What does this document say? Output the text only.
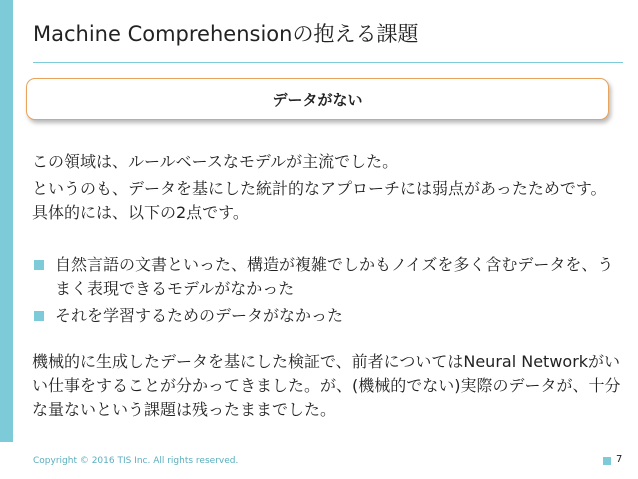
Machine Comprehensionの抱える課題
データがない
この領域は、ルールベースなモデルが主流でした。
というのも、データを基にした統計的なアプローチには弱点があったためです。具体的には、以下の2点です。
自然言語の文書といった、構造が複雑でしかもノイズを多く含むデータを、うまく表現できるモデルがなかった
それを学習するためのデータがなかった
機械的に生成したデータを基にした検証で、前者についてはNeural Networkがいい仕事をすることが分かってきました。が、(機械的でない)実際のデータが、十分な量ないという課題は残ったままでした。
Copyright © 2016 TIS Inc. All rights reserved.	7
